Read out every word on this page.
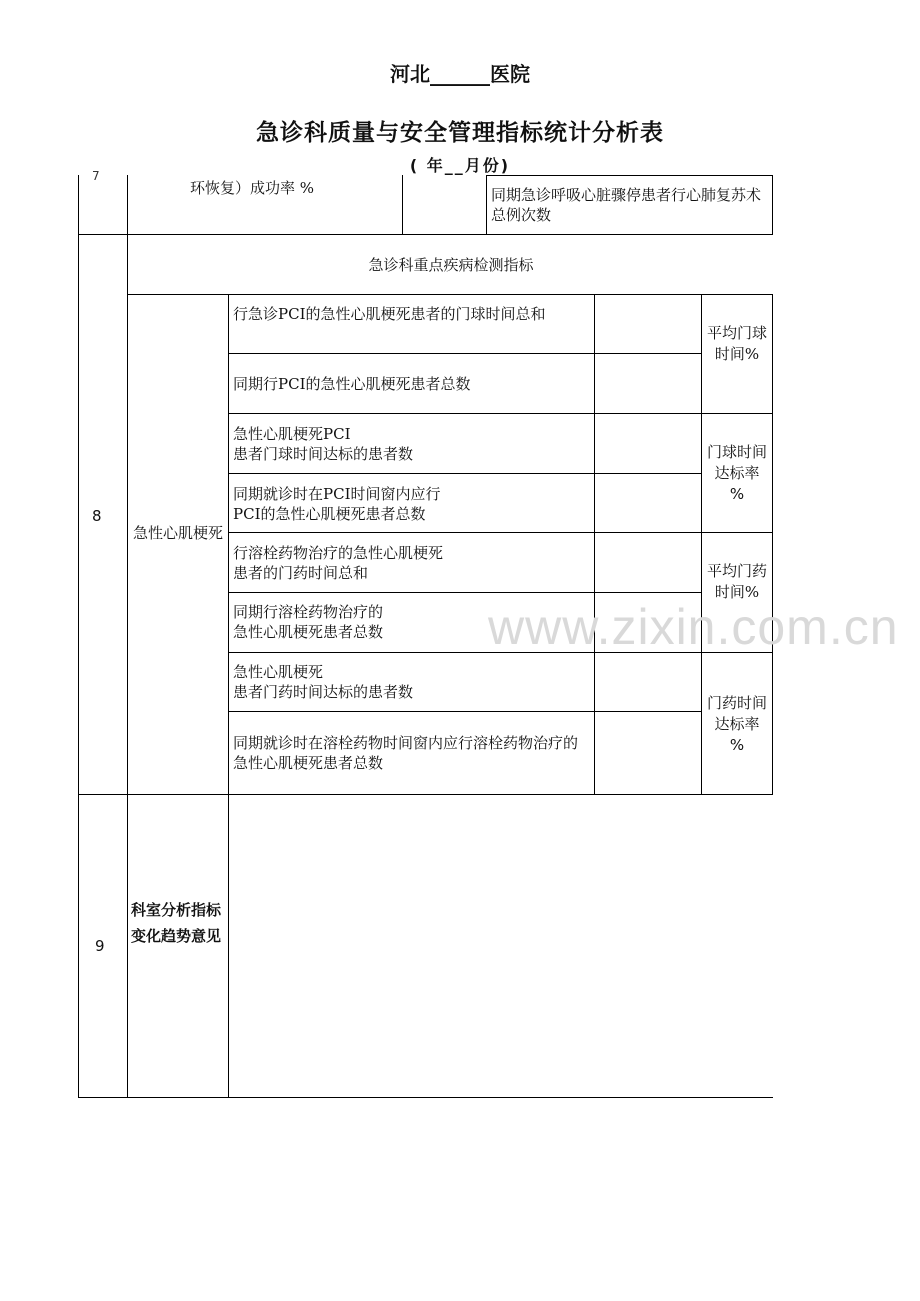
河北______医院
急诊科质量与安全管理指标统计分析表
( 年__月份)
7
环恢复）成功率 %	同期急诊呼吸心脏骤停患者行心肺复苏术总例次数
8
急诊科重点疾病检测指标
急性心肌梗死
行急诊PCI的急性心肌梗死患者的门球时间总和
同期行PCI的急性心肌梗死患者总数
急性心肌梗死PCI
患者门球时间达标的患者数
同期就诊时在PCI时间窗内应行
PCI的急性心肌梗死患者总数
行溶栓药物治疗的急性心肌梗死
患者的门药时间总和
同期行溶栓药物治疗的
急性心肌梗死患者总数
急性心肌梗死
患者门药时间达标的患者数
同期就诊时在溶栓药物时间窗内应行溶栓药物治疗的急性心肌梗死患者总数
平均门球时间%
门球时间达标率 %
平均门药时间%
门药时间达标率 %
9
科室分析指标变化趋势意见
www.zixin.com.cn
